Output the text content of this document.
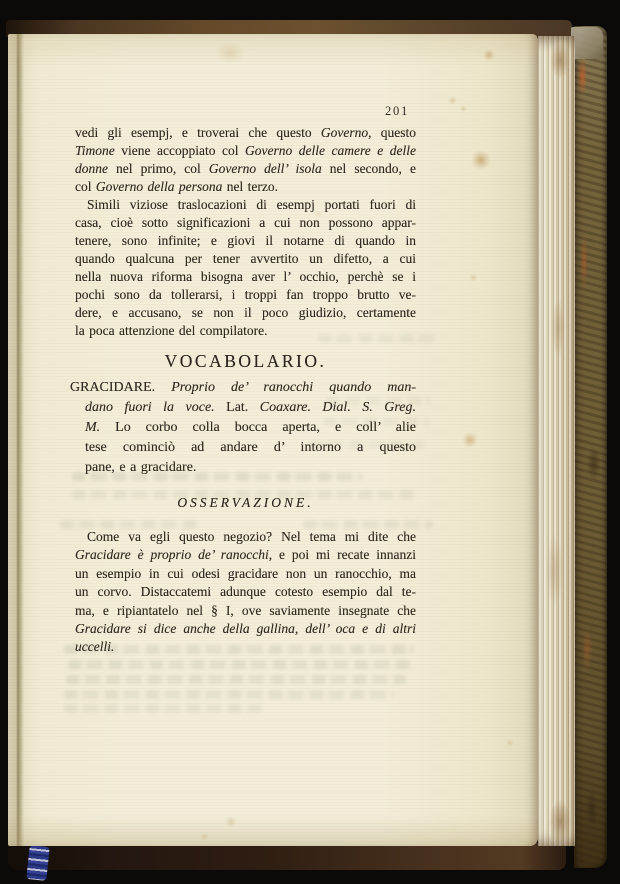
201
vedi gli esempj, e troverai che questo Governo, questo
Timone viene accoppiato col Governo delle camere e delle
donne nel primo, col Governo dell’ isola nel secondo, e
col Governo della persona nel terzo.
Simili viziose traslocazioni di esempj portati fuori di
casa, cioè sotto significazioni a cui non possono appar-
tenere, sono infinite; e giovi il notarne di quando in
quando qualcuna per tener avvertito un difetto, a cui
nella nuova riforma bisogna aver l’ occhio, perchè se i
pochi sono da tollerarsi, i troppi fan troppo brutto ve-
dere, e accusano, se non il poco giudizio, certamente
la poca attenzione del compilatore.
VOCABOLARIO.
GRACIDARE. Proprio de’ ranocchi quando man-
dano fuori la voce. Lat. Coaxare. Dial. S. Greg.
M. Lo corbo colla bocca aperta, e coll’ alie
tese cominciò ad andare d’ intorno a questo
pane, e a gracidare.
OSSERVAZIONE.
Come va egli questo negozio? Nel tema mi dite che
Gracidare è proprio de’ ranocchi, e poi mi recate innanzi
un esempio in cui odesi gracidare non un ranocchio, ma
un corvo. Distaccatemi adunque cotesto esempio dal te-
ma, e ripiantatelo nel § I, ove saviamente insegnate che
Gracidare si dice anche della gallina, dell’ oca e di altri
uccelli.
